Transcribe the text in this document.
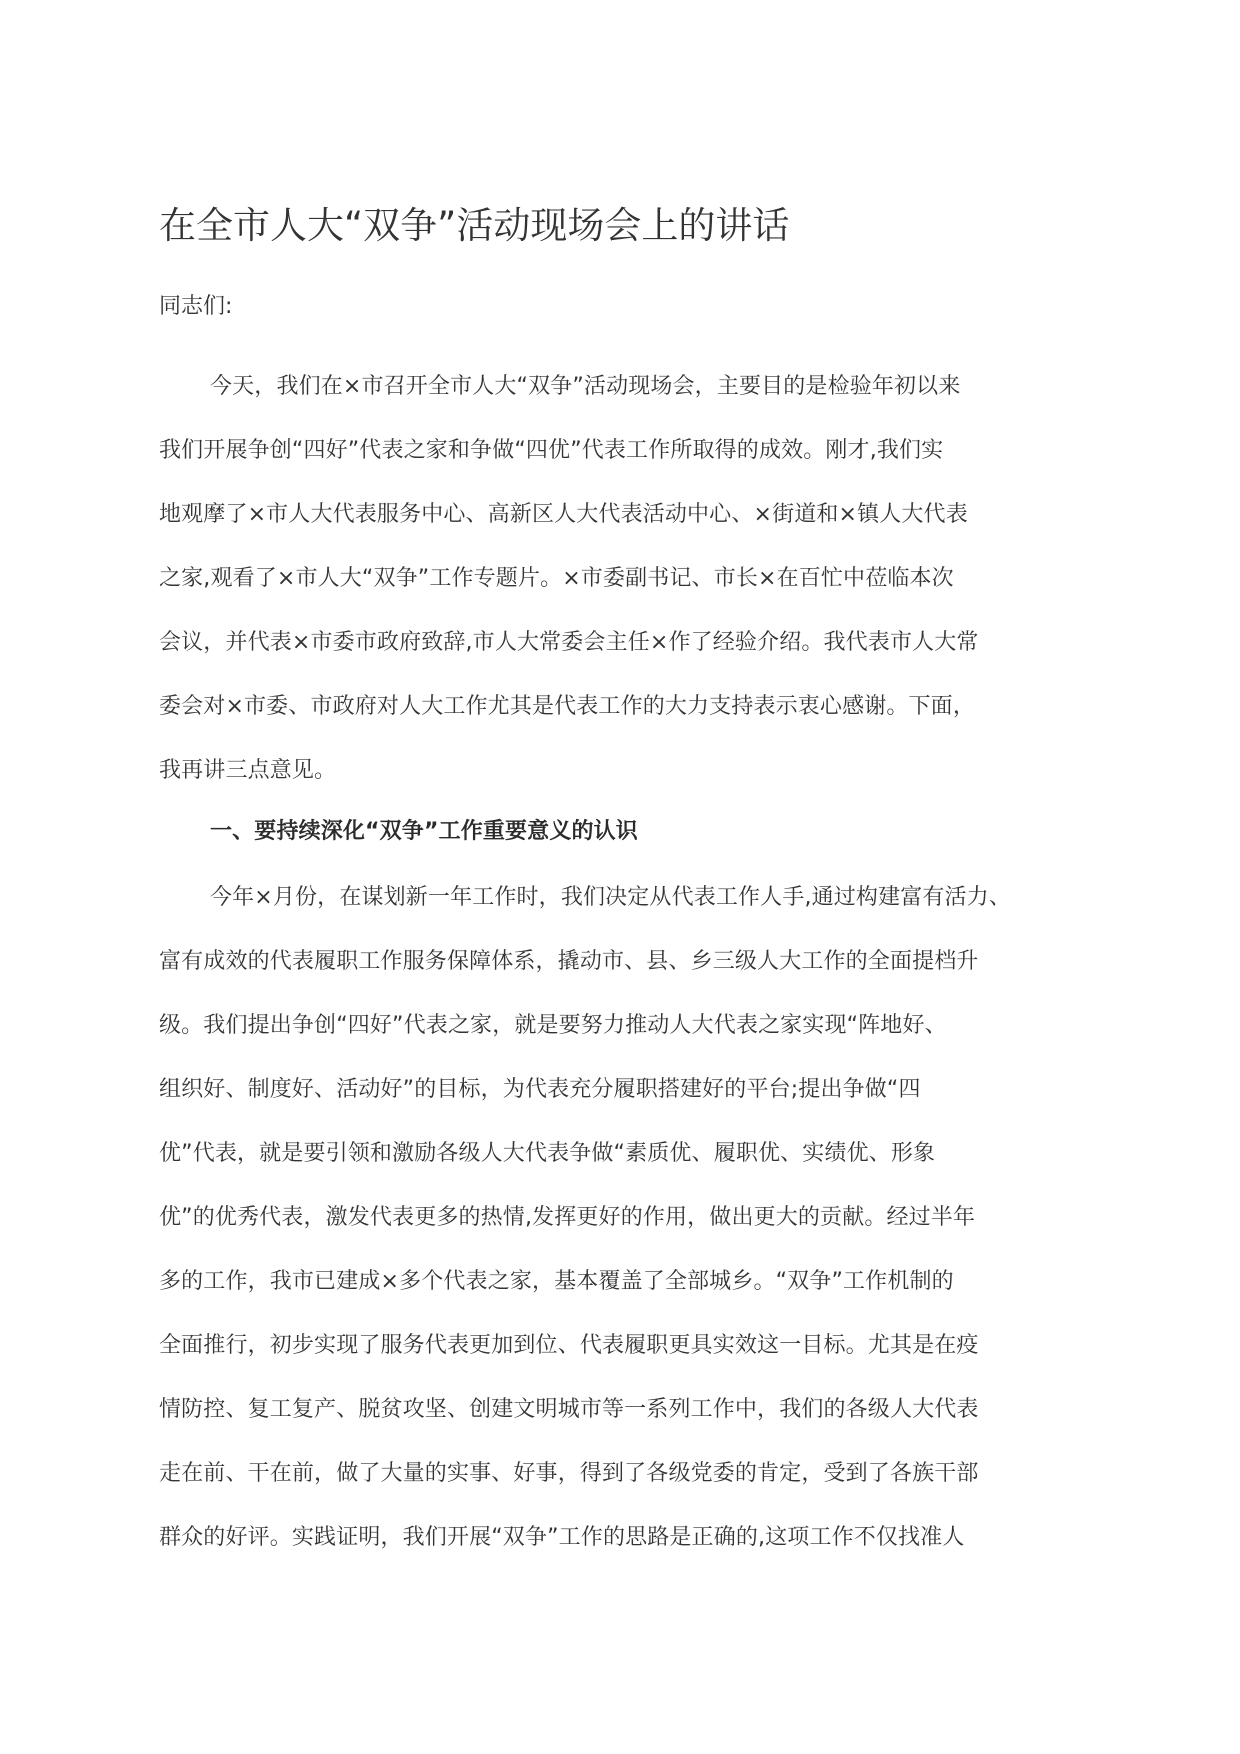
在全市人大“双争”活动现场会上的讲话

同志们:

今天，我们在×市召开全市人大“双争”活动现场会，主要目的是检验年初以来

我们开展争创“四好”代表之家和争做“四优”代表工作所取得的成效。刚才,我们实

地观摩了×市人大代表服务中心、高新区人大代表活动中心、×街道和×镇人大代表

之家,观看了×市人大“双争”工作专题片。×市委副书记、市长×在百忙中莅临本次

会议，并代表×市委市政府致辞,市人大常委会主任×作了经验介绍。我代表市人大常

委会对×市委、市政府对人大工作尤其是代表工作的大力支持表示衷心感谢。下面，

我再讲三点意见。

一、要持续深化“双争”工作重要意义的认识

今年×月份，在谋划新一年工作时，我们决定从代表工作人手,通过构建富有活力、

富有成效的代表履职工作服务保障体系，撬动市、县、乡三级人大工作的全面提档升

级。我们提出争创“四好”代表之家，就是要努力推动人大代表之家实现“阵地好、

组织好、制度好、活动好”的目标，为代表充分履职搭建好的平台;提出争做“四

优”代表，就是要引领和激励各级人大代表争做“素质优、履职优、实绩优、形象

优”的优秀代表，激发代表更多的热情,发挥更好的作用，做出更大的贡献。经过半年

多的工作，我市已建成×多个代表之家，基本覆盖了全部城乡。“双争”工作机制的

全面推行，初步实现了服务代表更加到位、代表履职更具实效这一目标。尤其是在疫

情防控、复工复产、脱贫攻坚、创建文明城市等一系列工作中，我们的各级人大代表

走在前、干在前，做了大量的实事、好事，得到了各级党委的肯定，受到了各族干部

群众的好评。实践证明，我们开展“双争”工作的思路是正确的,这项工作不仅找准人
